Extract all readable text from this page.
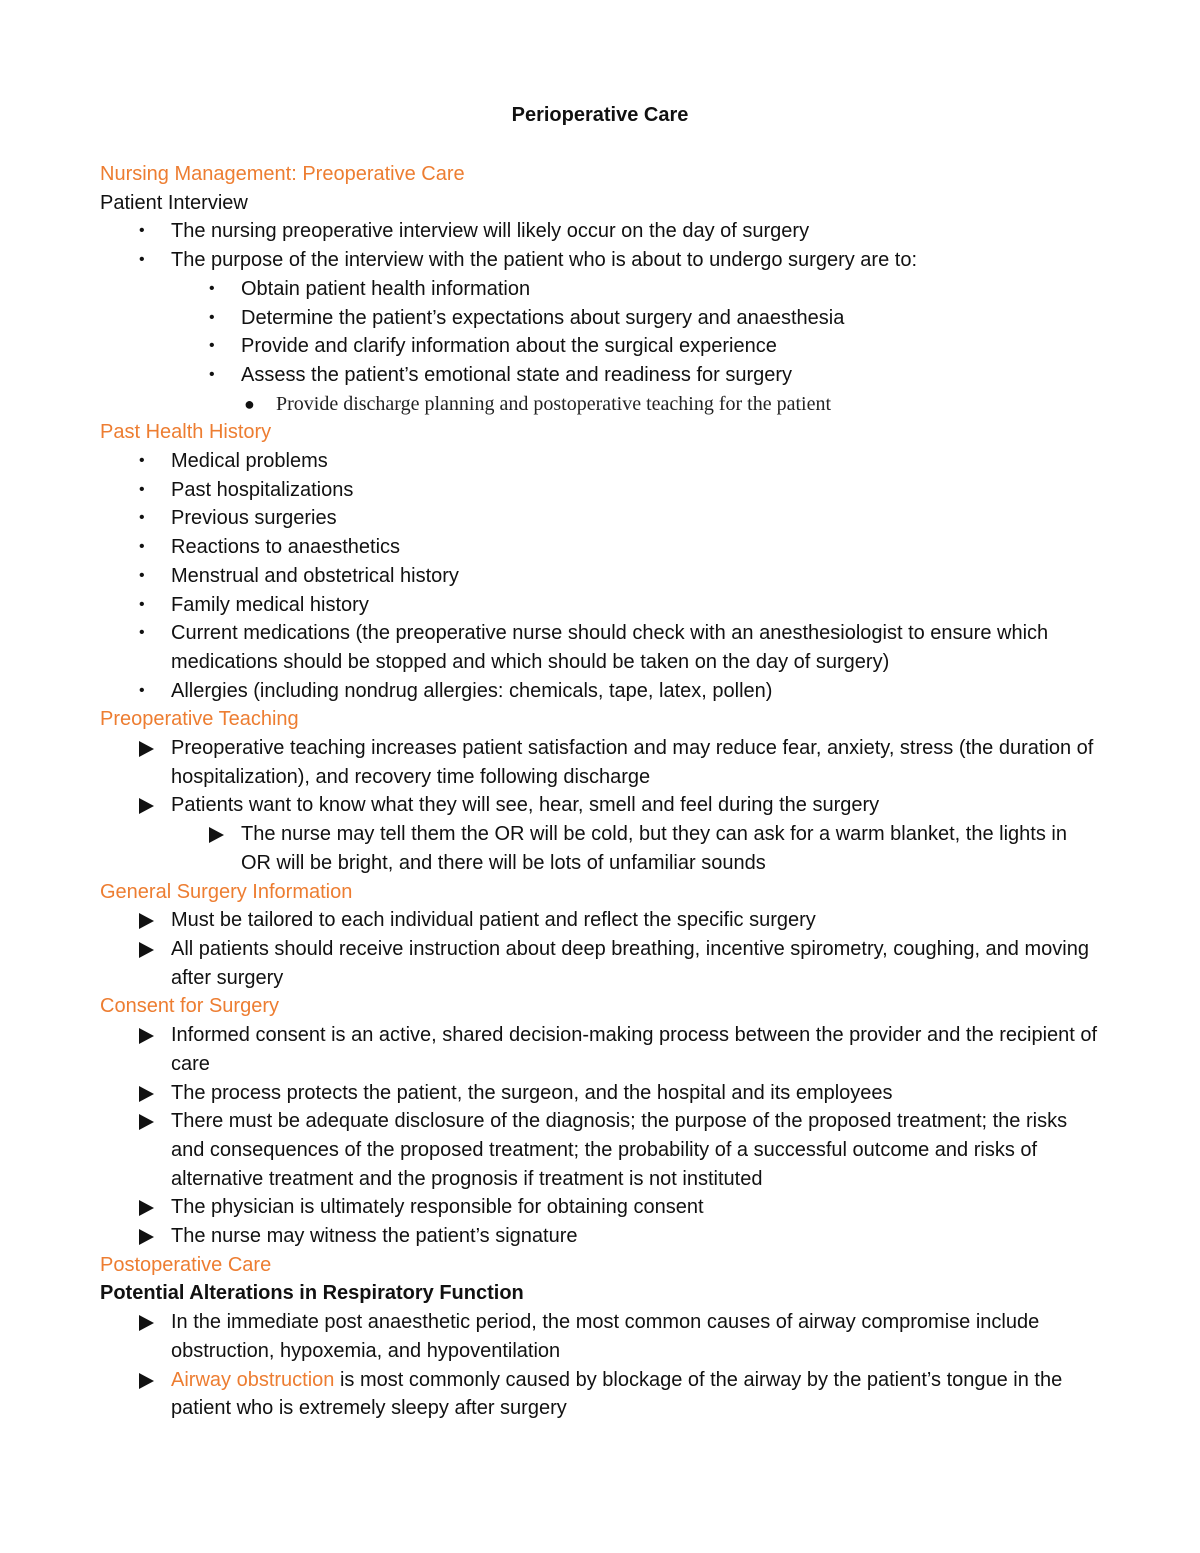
Perioperative Care
Nursing Management: Preoperative Care
Patient Interview
• The nursing preoperative interview will likely occur on the day of surgery
• The purpose of the interview with the patient who is about to undergo surgery are to:
• Obtain patient health information
• Determine the patient’s expectations about surgery and anaesthesia
• Provide and clarify information about the surgical experience
• Assess the patient’s emotional state and readiness for surgery
● Provide discharge planning and postoperative teaching for the patient
Past Health History
• Medical problems
• Past hospitalizations
• Previous surgeries
• Reactions to anaesthetics
• Menstrual and obstetrical history
• Family medical history
• Current medications (the preoperative nurse should check with an anesthesiologist to ensure which medications should be stopped and which should be taken on the day of surgery)
• Allergies (including nondrug allergies: chemicals, tape, latex, pollen)
Preoperative Teaching
Preoperative teaching increases patient satisfaction and may reduce fear, anxiety, stress (the duration of hospitalization), and recovery time following discharge
Patients want to know what they will see, hear, smell and feel during the surgery
The nurse may tell them the OR will be cold, but they can ask for a warm blanket, the lights in OR will be bright, and there will be lots of unfamiliar sounds
General Surgery Information
Must be tailored to each individual patient and reflect the specific surgery
All patients should receive instruction about deep breathing, incentive spirometry, coughing, and moving after surgery
Consent for Surgery
Informed consent is an active, shared decision-making process between the provider and the recipient of care
The process protects the patient, the surgeon, and the hospital and its employees
There must be adequate disclosure of the diagnosis; the purpose of the proposed treatment; the risks and consequences of the proposed treatment; the probability of a successful outcome and risks of alternative treatment and the prognosis if treatment is not instituted
The physician is ultimately responsible for obtaining consent
The nurse may witness the patient’s signature
Postoperative Care
Potential Alterations in Respiratory Function
In the immediate post anaesthetic period, the most common causes of airway compromise include obstruction, hypoxemia, and hypoventilation
Airway obstruction is most commonly caused by blockage of the airway by the patient’s tongue in the patient who is extremely sleepy after surgery
